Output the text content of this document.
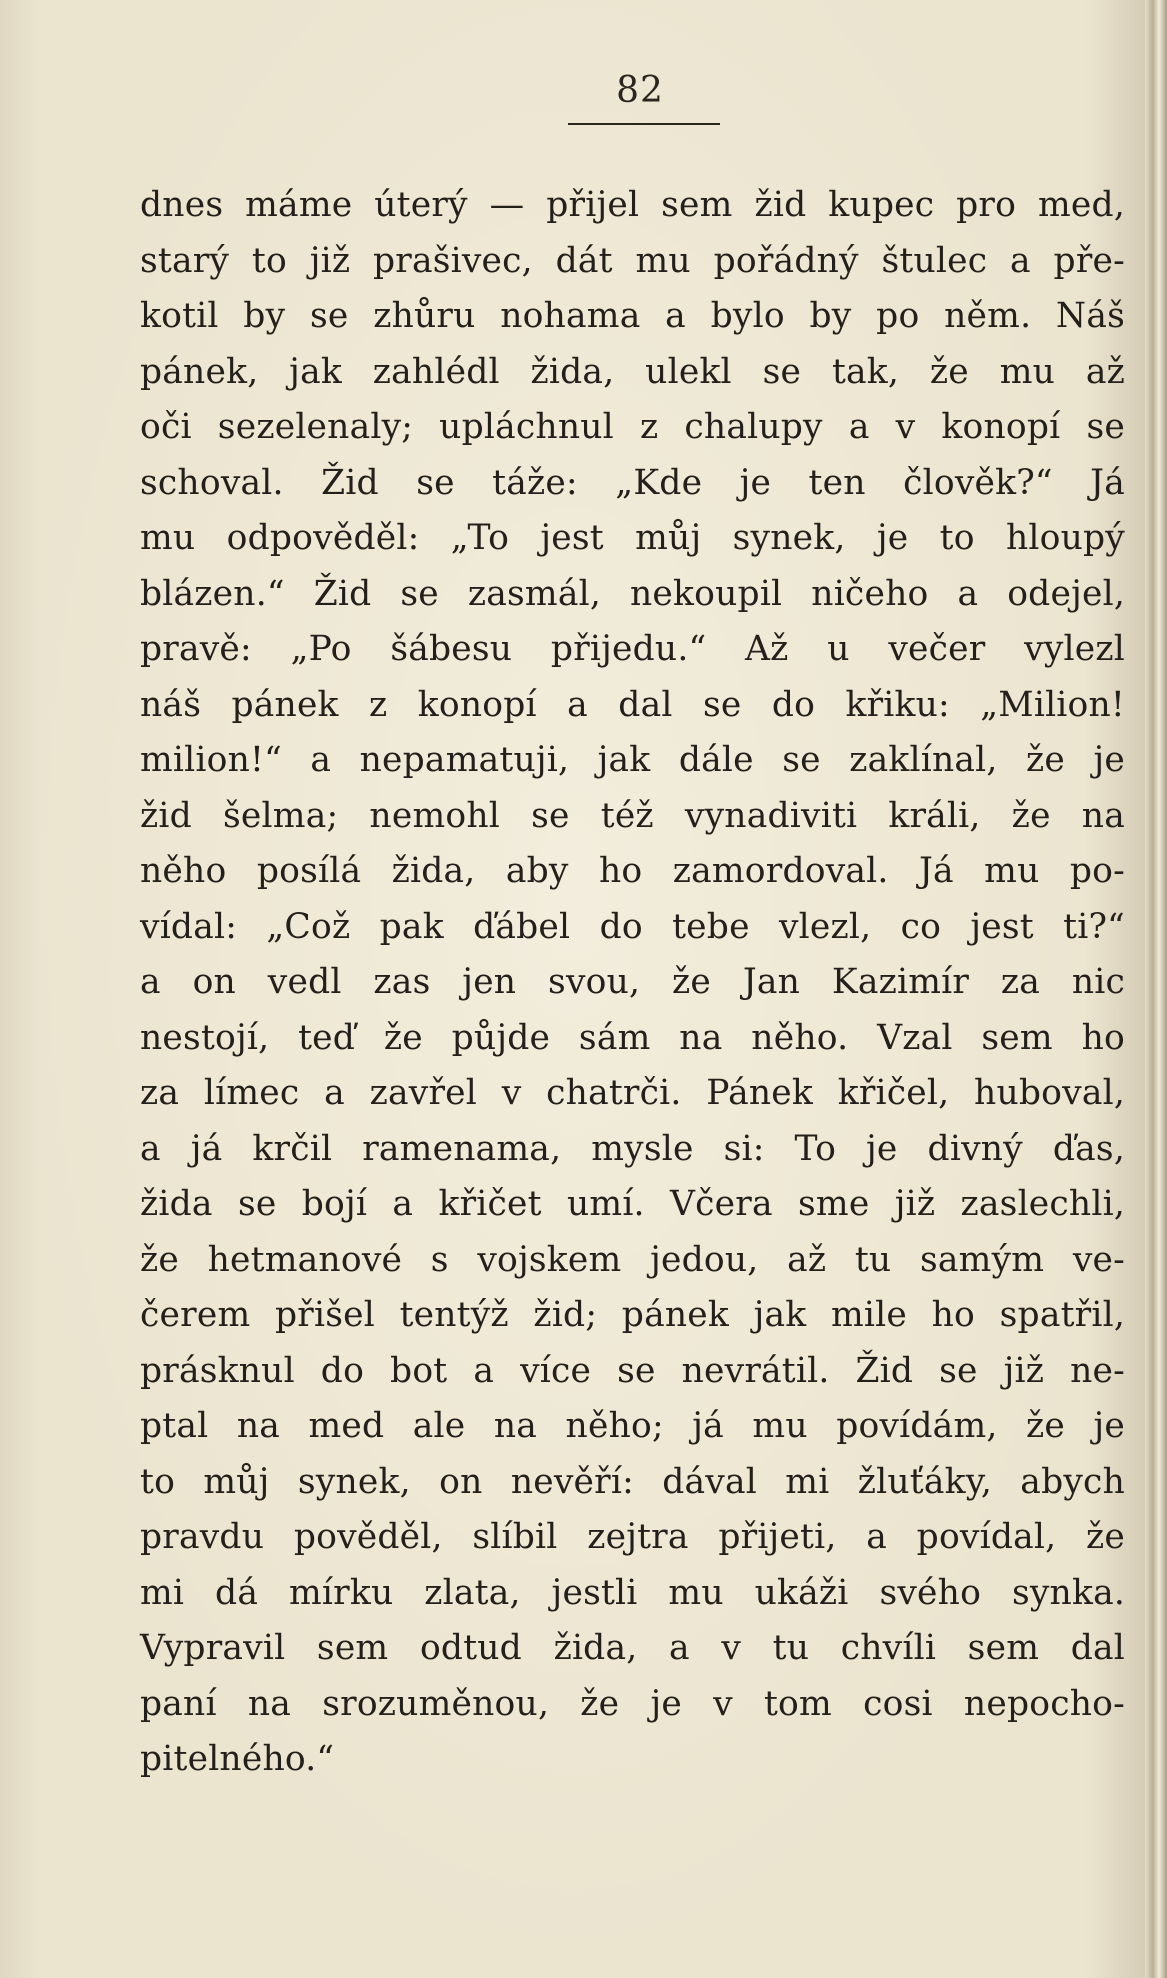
82
dnes máme úterý — přijel sem žid kupec pro med,
starý to již prašivec, dát mu pořádný štulec a pře-
kotil by se zhůru nohama a bylo by po něm. Náš
pánek, jak zahlédl žida, ulekl se tak, že mu až
oči sezelenaly; upláchnul z chalupy a v konopí se
schoval. Žid se táže: „Kde je ten člověk?“ Já
mu odpověděl: „To jest můj synek, je to hloupý
blázen.“ Žid se zasmál, nekoupil ničeho a odejel,
pravě: „Po šábesu přijedu.“ Až u večer vylezl
náš pánek z konopí a dal se do křiku: „Milion!
milion!“ a nepamatuji, jak dále se zaklínal, že je
žid šelma; nemohl se též vynadiviti králi, že na
něho posílá žida, aby ho zamordoval. Já mu po-
vídal: „Což pak ďábel do tebe vlezl, co jest ti?“
a on vedl zas jen svou, že Jan Kazimír za nic
nestojí, teď že půjde sám na něho. Vzal sem ho
za límec a zavřel v chatrči. Pánek křičel, huboval,
a já krčil ramenama, mysle si: To je divný ďas,
žida se bojí a křičet umí. Včera sme již zaslechli,
že hetmanové s vojskem jedou, až tu samým ve-
čerem přišel tentýž žid; pánek jak mile ho spatřil,
prásknul do bot a více se nevrátil. Žid se již ne-
ptal na med ale na něho; já mu povídám, že je
to můj synek, on nevěří: dával mi žluťáky, abych
pravdu pověděl, slíbil zejtra přijeti, a povídal, že
mi dá mírku zlata, jestli mu ukáži svého synka.
Vypravil sem odtud žida, a v tu chvíli sem dal
paní na srozuměnou, že je v tom cosi nepocho-
pitelného.“
